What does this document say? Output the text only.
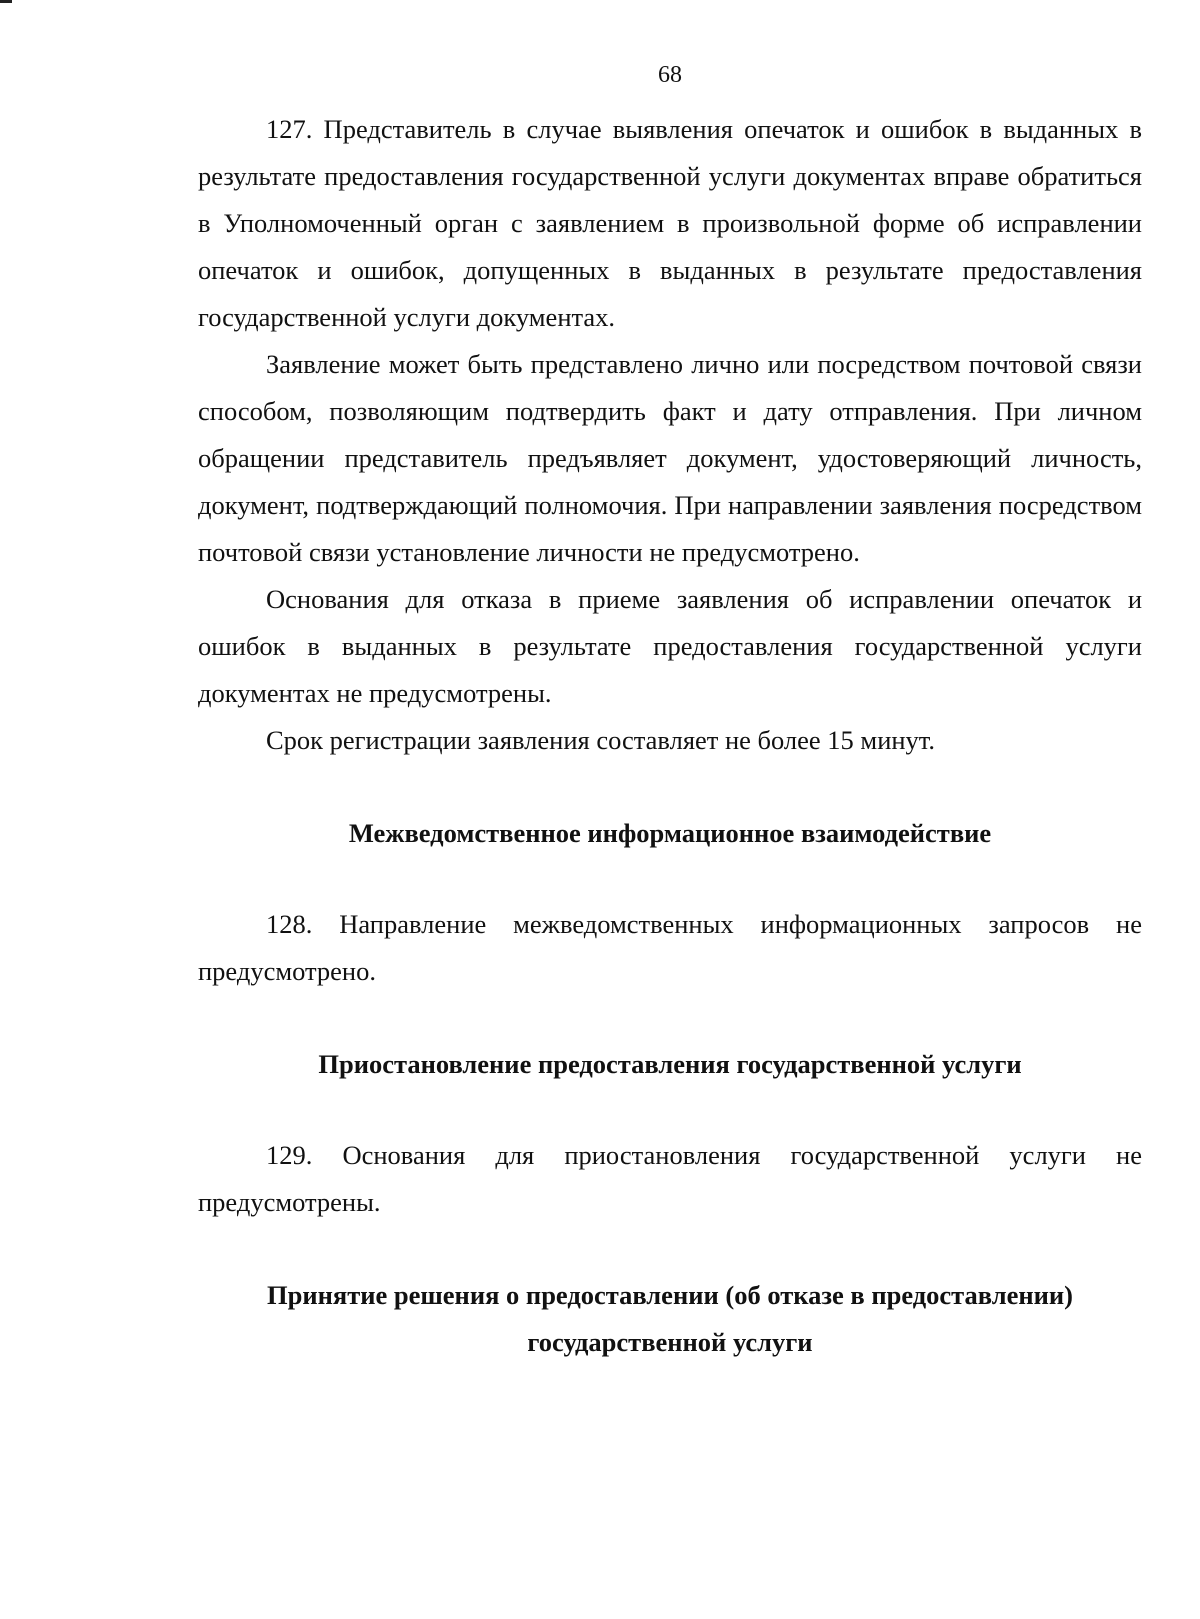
68

127. Представитель в случае выявления опечаток и ошибок в выданных в результате предоставления государственной услуги документах вправе обратиться в Уполномоченный орган с заявлением в произвольной форме об исправлении опечаток и ошибок, допущенных в выданных в результате предоставления государственной услуги документах.

Заявление может быть представлено лично или посредством почтовой связи способом, позволяющим подтвердить факт и дату отправления. При личном обращении представитель предъявляет документ, удостоверяющий личность, документ, подтверждающий полномочия. При направлении заявления посредством почтовой связи установление личности не предусмотрено.

Основания для отказа в приеме заявления об исправлении опечаток и ошибок в выданных в результате предоставления государственной услуги документах не предусмотрены.

Срок регистрации заявления составляет не более 15 минут.

Межведомственное информационное взаимодействие

128. Направление межведомственных информационных запросов не предусмотрено.

Приостановление предоставления государственной услуги

129. Основания для приостановления государственной услуги не предусмотрены.

Принятие решения о предоставлении (об отказе в предоставлении)
государственной услуги
